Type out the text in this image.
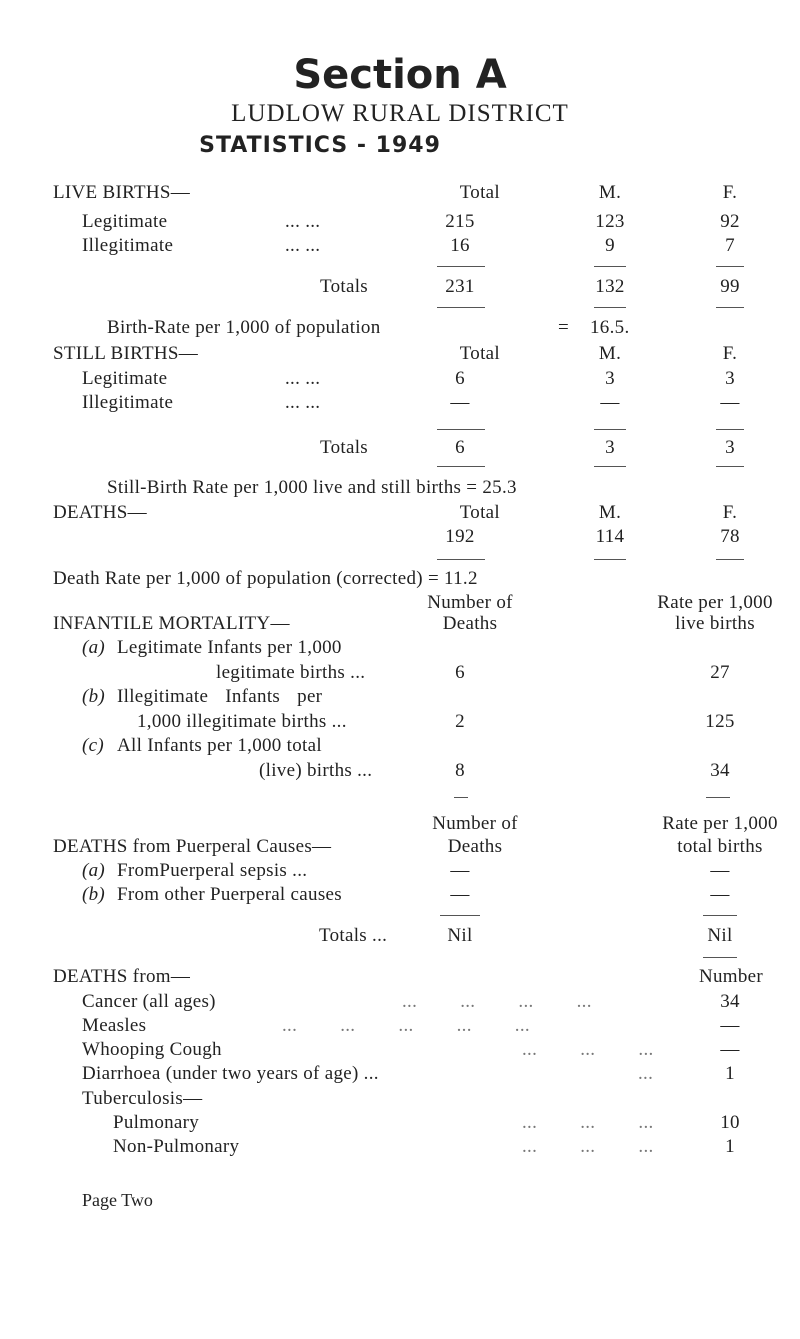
Section A
LUDLOW RURAL DISTRICT
STATISTICS - 1949
LIVE BIRTHS—	Total	M.	F.
Legitimate	... ...	215	123	92
Illegitimate	... ...	16	9	7
Totals	231	132	99
Birth-Rate per 1,000 of population	= 16.5.
STILL BIRTHS—	Total	M.	F.
Legitimate	... ...	6	3	3
Illegitimate	... ...	—	—	—
Totals	6	3	3
Still-Birth Rate per 1,000 live and still births = 25.3
DEATHS—	Total	M.	F.
192	114	78
Death Rate per 1,000 of population (corrected) = 11.2
Number of	Rate per 1,000
INFANTILE MORTALITY—	Deaths	live births
(a) Legitimate Infants per 1,000
legitimate births ...	6	27
(b) Illegitimate Infants per
1,000 illegitimate births ...	2	125
(c) All Infants per 1,000 total
(live) births ...	8	34
Number of	Rate per 1,000
DEATHS from Puerperal Causes—	Deaths	total births
(a) FromPuerperal sepsis ...	—	—
(b) From other Puerperal causes	—	—
Totals ...	Nil	Nil
DEATHS from—	Number
Cancer (all ages)	... ... ... ...	34
Measles	... ... ... ... ...	—
Whooping Cough	... ... ...	—
Diarrhoea (under two years of age) ...	...	1
Tuberculosis—
Pulmonary	... ... ...	10
Non-Pulmonary	... ... ...	1
Page Two
